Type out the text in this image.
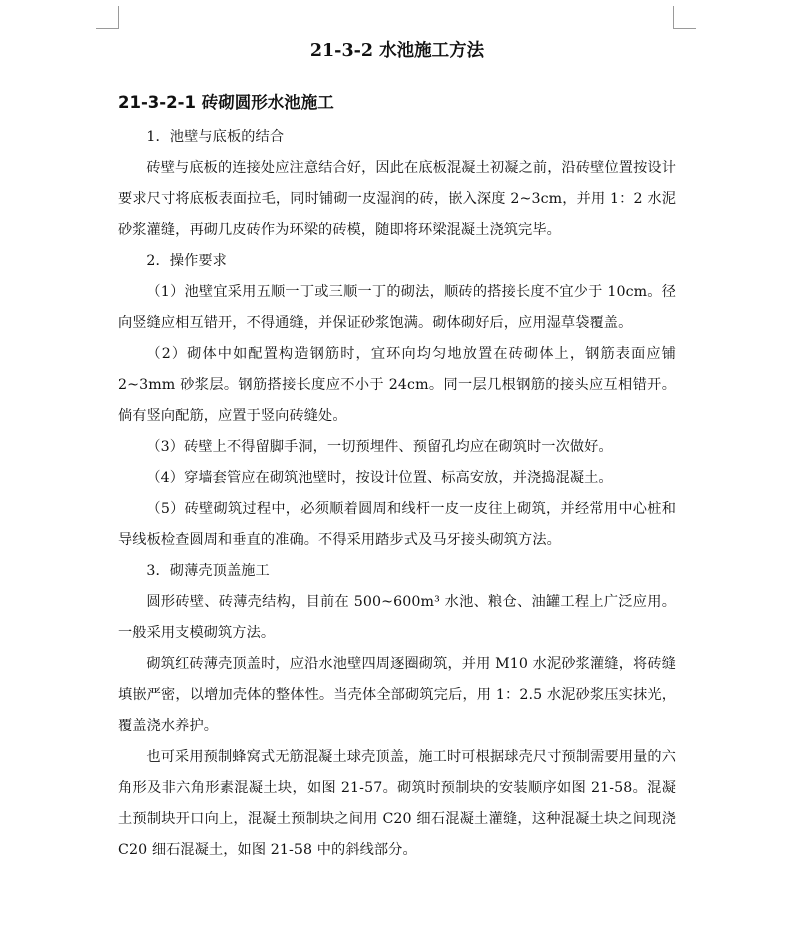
21-3-2 水池施工方法
21-3-2-1 砖砌圆形水池施工
1．池壁与底板的结合
砖壁与底板的连接处应注意结合好，因此在底板混凝土初凝之前，沿砖壁位置按设计要求尺寸将底板表面拉毛，同时铺砌一皮湿润的砖，嵌入深度 2~3cm，并用 1：2 水泥砂浆灌缝，再砌几皮砖作为环梁的砖模，随即将环梁混凝土浇筑完毕。
2．操作要求
（1）池壁宜采用五顺一丁或三顺一丁的砌法，顺砖的搭接长度不宜少于 10cm。径向竖缝应相互错开，不得通缝，并保证砂浆饱满。砌体砌好后，应用湿草袋覆盖。
（2）砌体中如配置构造钢筋时，宜环向均匀地放置在砖砌体上，钢筋表面应铺 2~3mm 砂浆层。钢筋搭接长度应不小于 24cm。同一层几根钢筋的接头应互相错开。倘有竖向配筋，应置于竖向砖缝处。
（3）砖壁上不得留脚手洞，一切预埋件、预留孔均应在砌筑时一次做好。
（4）穿墙套管应在砌筑池壁时，按设计位置、标高安放，并浇捣混凝土。
（5）砖壁砌筑过程中，必须顺着圆周和线杆一皮一皮往上砌筑，并经常用中心桩和导线板检查圆周和垂直的准确。不得采用踏步式及马牙接头砌筑方法。
3．砌薄壳顶盖施工
圆形砖壁、砖薄壳结构，目前在 500~600m³ 水池、粮仓、油罐工程上广泛应用。一般采用支模砌筑方法。
砌筑红砖薄壳顶盖时，应沿水池壁四周逐圈砌筑，并用 M10 水泥砂浆灌缝，将砖缝填嵌严密，以增加壳体的整体性。当壳体全部砌筑完后，用 1：2.5 水泥砂浆压实抹光，覆盖浇水养护。
也可采用预制蜂窝式无筋混凝土球壳顶盖，施工时可根据球壳尺寸预制需要用量的六角形及非六角形素混凝土块，如图 21-57。砌筑时预制块的安装顺序如图 21-58。混凝土预制块开口向上，混凝土预制块之间用 C20 细石混凝土灌缝，这种混凝土块之间现浇 C20 细石混凝土，如图 21-58 中的斜线部分。
